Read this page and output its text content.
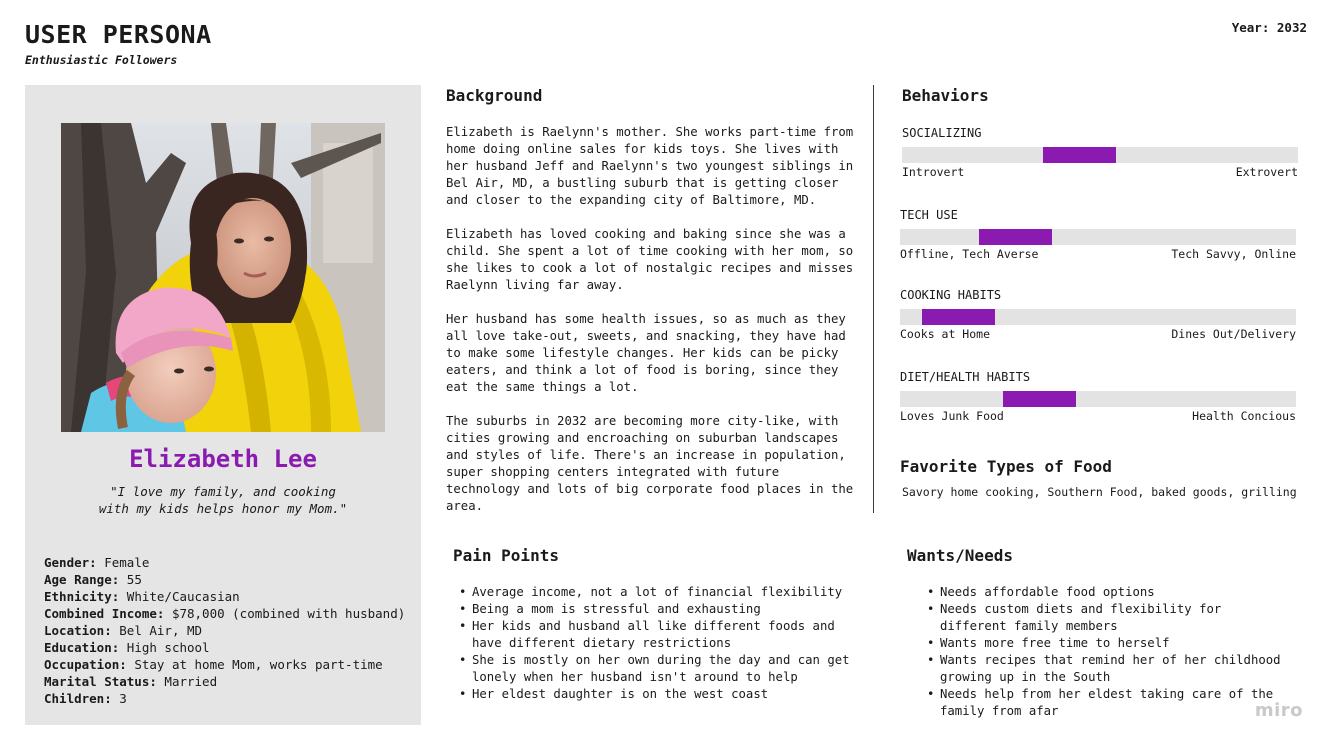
USER PERSONA
Enthusiastic Followers
Year: 2032
Elizabeth Lee
"I love my family, and cooking
with my kids helps honor my Mom."
Gender: Female
Age Range: 55
Ethnicity: White/Caucasian
Combined Income: $78,000 (combined with husband)
Location: Bel Air, MD
Education: High school
Occupation: Stay at home Mom, works part-time
Marital Status: Married
Children: 3
Background

Elizabeth is Raelynn's mother. She works part-time from home doing online sales for kids toys. She lives with her husband Jeff and Raelynn's two youngest siblings in Bel Air, MD, a bustling suburb that is getting closer and closer to the expanding city of Baltimore, MD.

Elizabeth has loved cooking and baking since she was a child. She spent a lot of time cooking with her mom, so she likes to cook a lot of nostalgic recipes and misses Raelynn living far away.

Her husband has some health issues, so as much as they all love take-out, sweets, and snacking, they have had to make some lifestyle changes. Her kids can be picky eaters, and think a lot of food is boring, since they eat the same things a lot.

The suburbs in 2032 are becoming more city-like, with cities growing and encroaching on suburban landscapes and styles of life. There's an increase in population, super shopping centers integrated with future technology and lots of big corporate food places in the area.

Behaviors
SOCIALIZING
Introvert	Extrovert
TECH USE
Offline, Tech Averse	Tech Savvy, Online
COOKING HABITS
Cooks at Home	Dines Out/Delivery
DIET/HEALTH HABITS
Loves Junk Food	Health Concious
Favorite Types of Food
Savory home cooking, Southern Food, baked goods, grilling
Pain Points
• Average income, not a lot of financial flexibility
• Being a mom is stressful and exhausting
• Her kids and husband all like different foods and have different dietary restrictions
• She is mostly on her own during the day and can get lonely when her husband isn't around to help
• Her eldest daughter is on the west coast
Wants/Needs
• Needs affordable food options
• Needs custom diets and flexibility for different family members
• Wants more free time to herself
• Wants recipes that remind her of her childhood growing up in the South
• Needs help from her eldest taking care of the family from afar	miro
